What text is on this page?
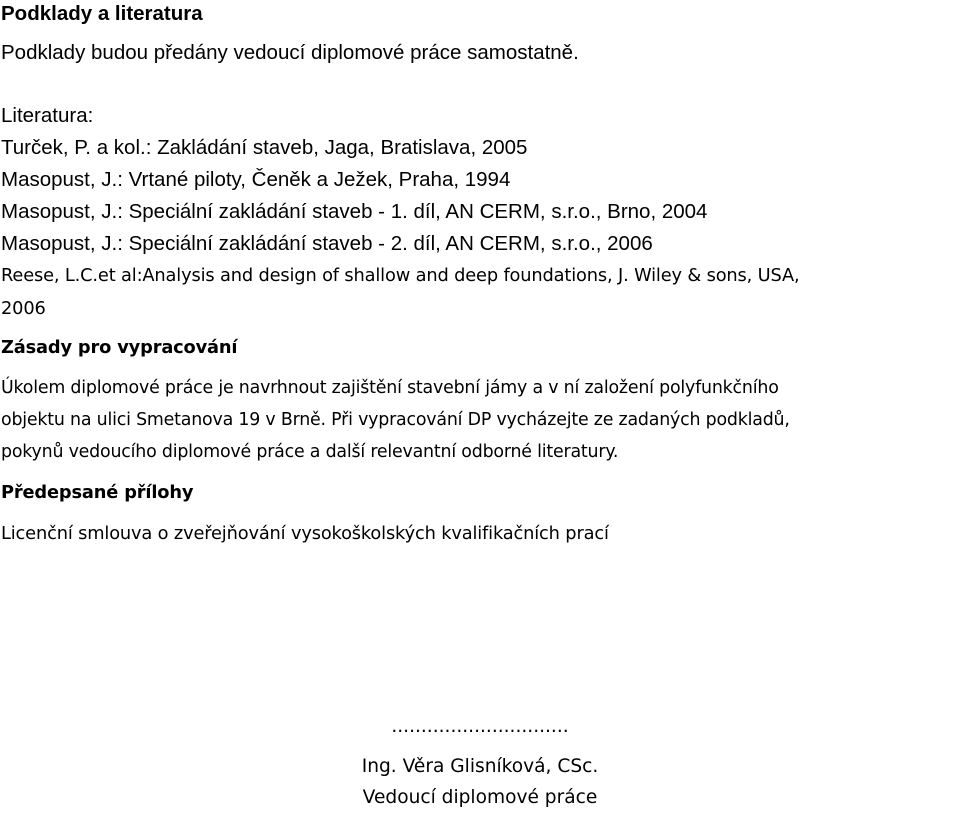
Podklady a literatura
Podklady budou předány vedoucí diplomové práce samostatně.
Literatura:
Turček, P. a kol.: Zakládání staveb, Jaga, Bratislava, 2005
Masopust, J.: Vrtané piloty, Čeněk a Ježek, Praha, 1994
Masopust, J.: Speciální zakládání staveb - 1. díl, AN CERM, s.r.o., Brno, 2004
Masopust, J.: Speciální zakládání staveb - 2. díl, AN CERM, s.r.o., 2006
Reese, L.C.et al:Analysis and design of shallow and deep foundations, J. Wiley & sons, USA,
2006
Zásady pro vypracování
Úkolem diplomové práce je navrhnout zajištění stavební jámy a v ní založení polyfunkčního
objektu na ulici Smetanova 19 v Brně. Při vypracování DP vycházejte ze zadaných podkladů,
pokynů vedoucího diplomové práce a další relevantní odborné literatury.
Předepsané přílohy
Licenční smlouva o zveřejňování vysokoškolských kvalifikačních prací
..............................
Ing. Věra Glisníková, CSc.
Vedoucí diplomové práce
